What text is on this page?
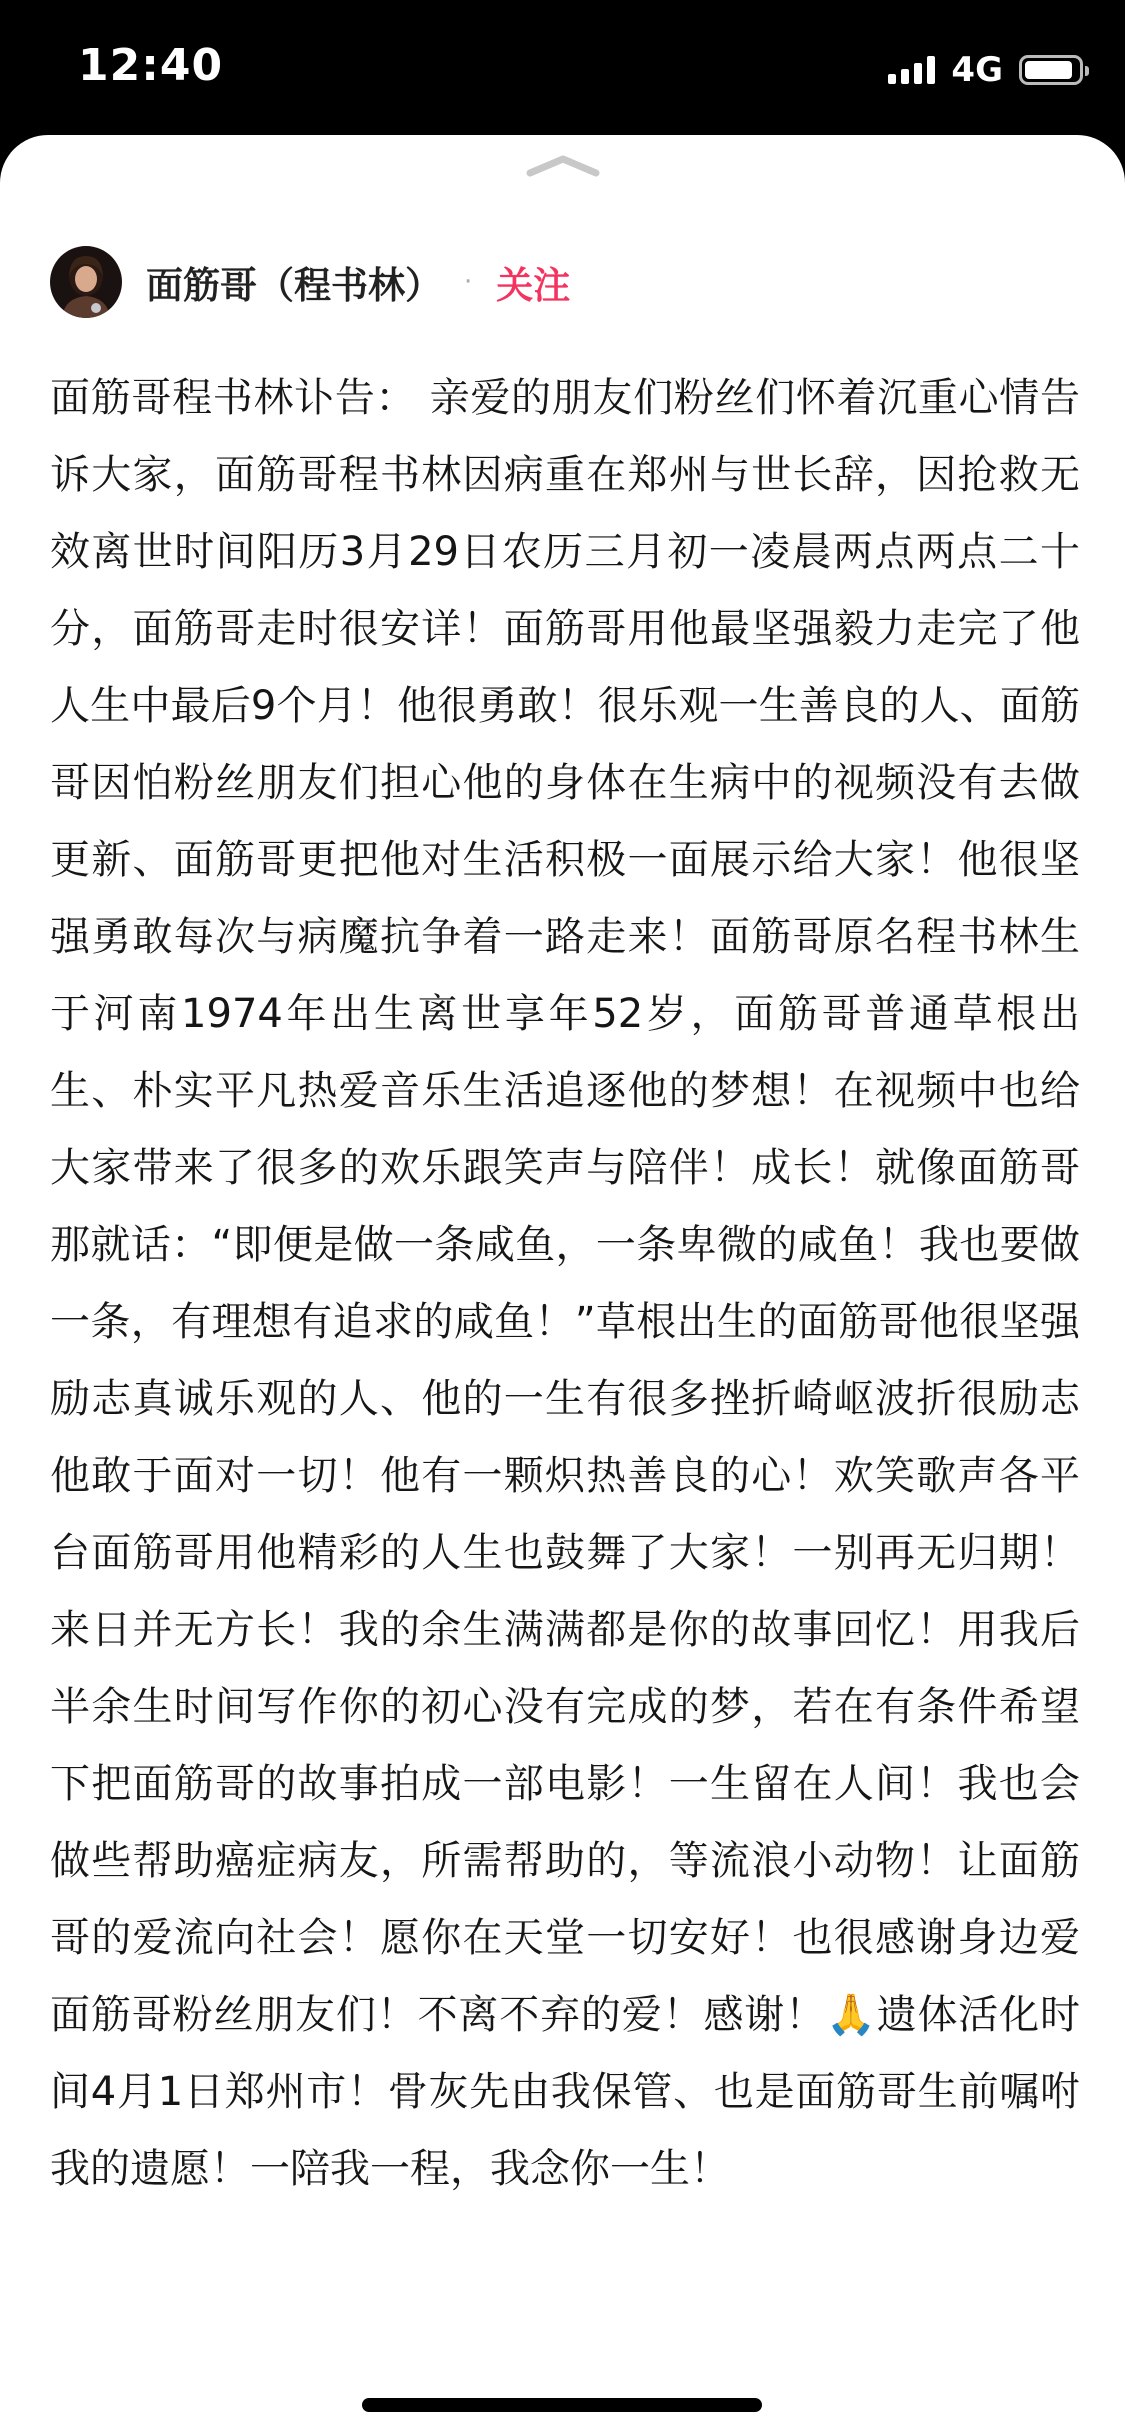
12:40	4G
面筋哥（程书林） · 关注

面筋哥程书林讣告： 亲爱的朋友们粉丝们怀着沉重心情告诉大家，面筋哥程书林因病重在郑州与世长辞，因抢救无效离世时间阳历3月29日农历三月初一凌晨两点两点二十分，面筋哥走时很安详！面筋哥用他最坚强毅力走完了他人生中最后9个月！他很勇敢！很乐观一生善良的人、面筋哥因怕粉丝朋友们担心他的身体在生病中的视频没有去做更新、面筋哥更把他对生活积极一面展示给大家！他很坚强勇敢每次与病魔抗争着一路走来！面筋哥原名程书林生于河南1974年出生离世享年52岁，面筋哥普通草根出生、朴实平凡热爱音乐生活追逐他的梦想！在视频中也给大家带来了很多的欢乐跟笑声与陪伴！成长！就像面筋哥那就话：“即便是做一条咸鱼，一条卑微的咸鱼！我也要做一条，有理想有追求的咸鱼！”草根出生的面筋哥他很坚强励志真诚乐观的人、他的一生有很多挫折崎岖波折很励志他敢于面对一切！他有一颗炽热善良的心！欢笑歌声各平台面筋哥用他精彩的人生也鼓舞了大家！一别再无归期！来日并无方长！我的余生满满都是你的故事回忆！用我后半余生时间写作你的初心没有完成的梦，若在有条件希望下把面筋哥的故事拍成一部电影！一生留在人间！我也会做些帮助癌症病友，所需帮助的，等流浪小动物！让面筋哥的爱流向社会！愿你在天堂一切安好！也很感谢身边爱面筋哥粉丝朋友们！不离不弃的爱！感谢！🙏遗体活化时间4月1日郑州市！骨灰先由我保管、也是面筋哥生前嘱咐我的遗愿！一陪我一程，我念你一生！
